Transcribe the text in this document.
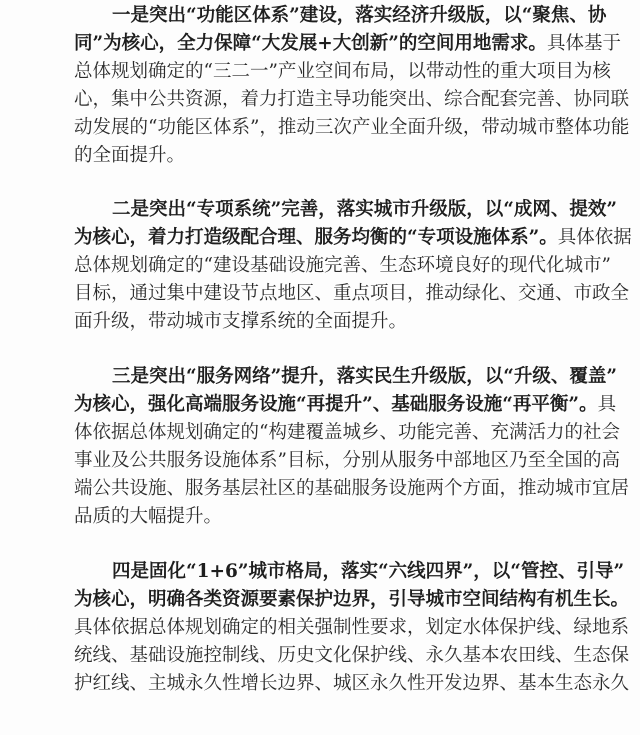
一是突出“功能区体系”建设，落实经济升级版，以“聚焦、协
同”为核心，全力保障“大发展+大创新”的空间用地需求。具体基于
总体规划确定的“三二一”产业空间布局，以带动性的重大项目为核
心，集中公共资源，着力打造主导功能突出、综合配套完善、协同联
动发展的“功能区体系”，推动三次产业全面升级，带动城市整体功能
的全面提升。
二是突出“专项系统”完善，落实城市升级版，以“成网、提效”
为核心，着力打造级配合理、服务均衡的“专项设施体系”。具体依据
总体规划确定的“建设基础设施完善、生态环境良好的现代化城市”
目标，通过集中建设节点地区、重点项目，推动绿化、交通、市政全
面升级，带动城市支撑系统的全面提升。
三是突出“服务网络”提升，落实民生升级版，以“升级、覆盖”
为核心，强化高端服务设施“再提升”、基础服务设施“再平衡”。具
体依据总体规划确定的“构建覆盖城乡、功能完善、充满活力的社会
事业及公共服务设施体系”目标，分别从服务中部地区乃至全国的高
端公共设施、服务基层社区的基础服务设施两个方面，推动城市宜居
品质的大幅提升。
四是固化“1+6”城市格局，落实“六线四界”，以“管控、引导”
为核心，明确各类资源要素保护边界，引导城市空间结构有机生长。
具体依据总体规划确定的相关强制性要求，划定水体保护线、绿地系
统线、基础设施控制线、历史文化保护线、永久基本农田线、生态保
护红线、主城永久性增长边界、城区永久性开发边界、基本生态永久
